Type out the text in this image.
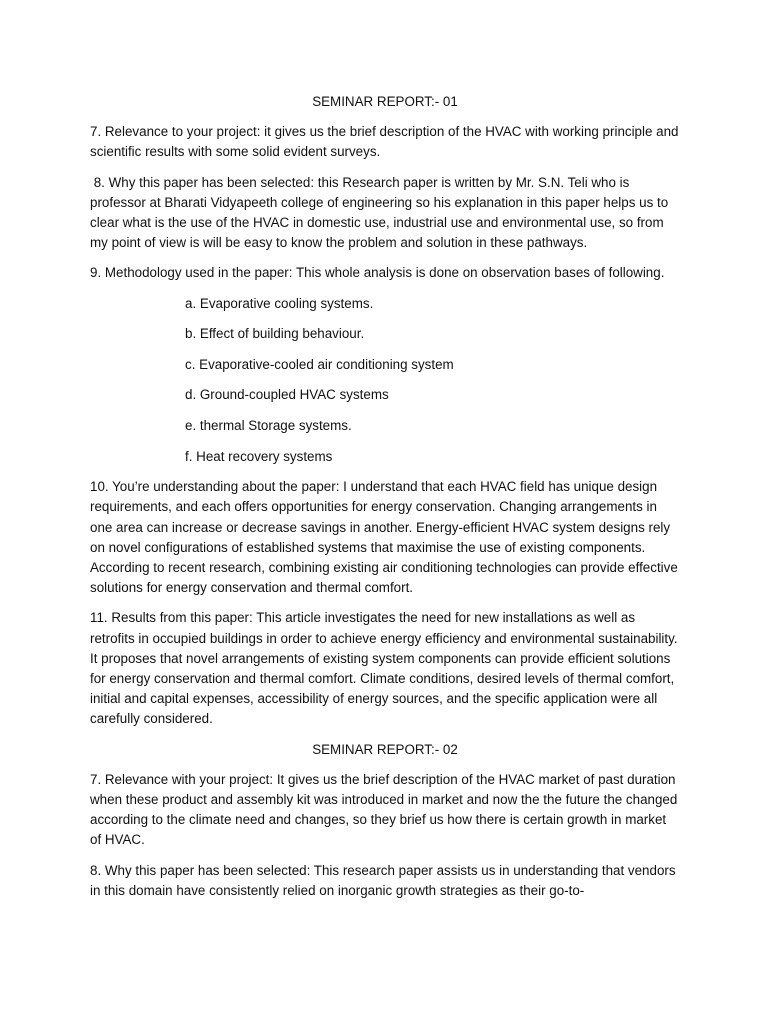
SEMINAR REPORT:- 01

7. Relevance to your project: it gives us the brief description of the HVAC with working principle and scientific results with some solid evident surveys.

8. Why this paper has been selected: this Research paper is written by Mr. S.N. Teli who is professor at Bharati Vidyapeeth college of engineering so his explanation in this paper helps us to clear what is the use of the HVAC in domestic use, industrial use and environmental use, so from my point of view is will be easy to know the problem and solution in these pathways.

9. Methodology used in the paper: This whole analysis is done on observation bases of following.

a. Evaporative cooling systems.
b. Effect of building behaviour.
c. Evaporative-cooled air conditioning system
d. Ground-coupled HVAC systems
e. thermal Storage systems.
f. Heat recovery systems

10. You’re understanding about the paper: I understand that each HVAC field has unique design requirements, and each offers opportunities for energy conservation. Changing arrangements in one area can increase or decrease savings in another. Energy-efficient HVAC system designs rely on novel configurations of established systems that maximise the use of existing components. According to recent research, combining existing air conditioning technologies can provide effective solutions for energy conservation and thermal comfort.

11. Results from this paper: This article investigates the need for new installations as well as retrofits in occupied buildings in order to achieve energy efficiency and environmental sustainability. It proposes that novel arrangements of existing system components can provide efficient solutions for energy conservation and thermal comfort. Climate conditions, desired levels of thermal comfort, initial and capital expenses, accessibility of energy sources, and the specific application were all carefully considered.

SEMINAR REPORT:- 02

7. Relevance with your project: It gives us the brief description of the HVAC market of past duration when these product and assembly kit was introduced in market and now the the future the changed according to the climate need and changes, so they brief us how there is certain growth in market of HVAC.

8. Why this paper has been selected: This research paper assists us in understanding that vendors in this domain have consistently relied on inorganic growth strategies as their go-to-
